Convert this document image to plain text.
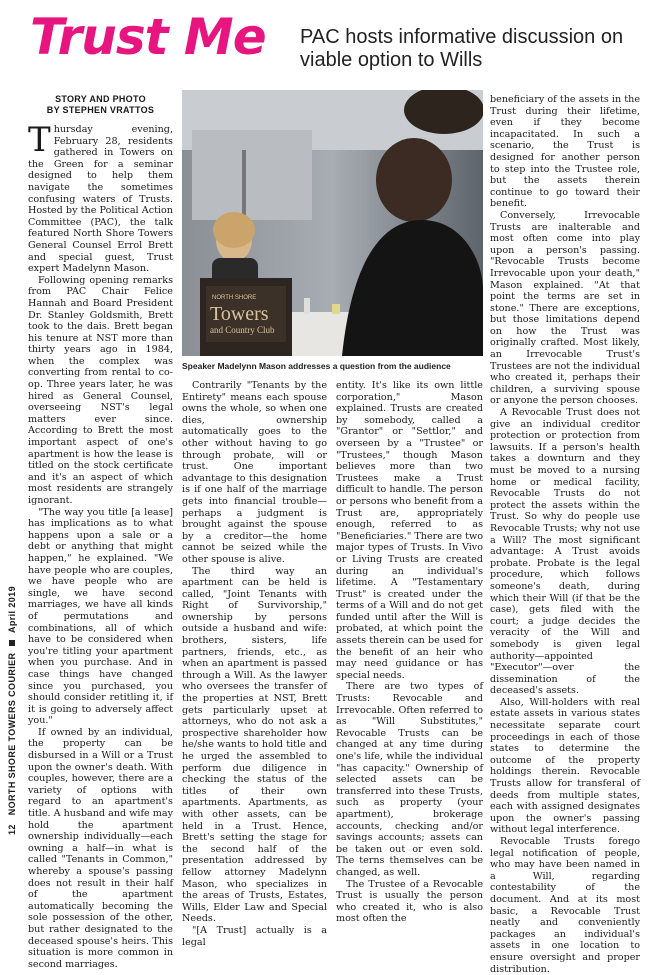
Trust Me PAC hosts informative discussion on viable option to Wills
STORY AND PHOTO
BY STEPHEN VRATTOS

Thursday evening, February 28, residents gathered in Towers on the Green for a seminar designed to help them navigate the sometimes confusing waters of Trusts. Hosted by the Political Action Committee (PAC), the talk featured North Shore Towers General Counsel Errol Brett and special guest, Trust expert Madelynn Mason.

Following opening remarks from PAC Chair Felice Hannah and Board President Dr. Stanley Goldsmith, Brett took to the dais. Brett began his tenure at NST more than thirty years ago in 1984, when the complex was converting from rental to co-op. Three years later, he was hired as General Counsel, overseeing NST's legal matters ever since. According to Brett the most important aspect of one's apartment is how the lease is titled on the stock certificate and it's an aspect of which most residents are strangely ignorant.

"The way you title [a lease] has implications as to what happens upon a sale or a debt or anything that might happen," he explained. "We have people who are couples, we have people who are single, we have second marriages, we have all kinds of permutations and combinations, all of which have to be considered when you're titling your apartment when you purchase. And in case things have changed since you purchased, you should consider retitling it, if it is going to adversely affect you."

If owned by an individual, the property can be disbursed in a Will or a Trust upon the owner's death. With couples, however, there are a variety of options with regard to an apartment's title. A husband and wife may hold the apartment ownership individually—each owning a half—in what is called "Tenants in Common," whereby a spouse's passing does not result in their half of the apartment automatically becoming the sole possession of the other, but rather designated to the deceased spouse's heirs. This situation is more common in second marriages.

NORTH SHORE
Towers
and Country Club
Speaker Madelynn Mason addresses a question from the audience

Contrarily "Tenants by the Entirety" means each spouse owns the whole, so when one dies, ownership automatically goes to the other without having to go through probate, will or trust. One important advantage to this designation is if one half of the marriage gets into financial trouble—perhaps a judgment is brought against the spouse by a creditor—the home cannot be seized while the other spouse is alive.

The third way an apartment can be held is called, "Joint Tenants with Right of Survivorship," ownership by persons outside a husband and wife: brothers, sisters, life partners, friends, etc., as when an apartment is passed through a Will. As the lawyer who oversees the transfer of the properties at NST, Brett gets particularly upset at attorneys, who do not ask a prospective shareholder how he/she wants to hold title and he urged the assembled to perform due diligence in checking the status of the titles of their own apartments. Apartments, as with other assets, can be held in a Trust. Hence, Brett's setting the stage for the second half of the presentation addressed by fellow attorney Madelynn Mason, who specializes in the areas of Trusts, Estates, Wills, Elder Law and Special Needs.

"[A Trust] actually is a legal

entity. It's like its own little corporation," Mason explained. Trusts are created by somebody, called a "Grantor" or "Settlor," and overseen by a "Trustee" or "Trustees," though Mason believes more than two Trustees make a Trust difficult to handle. The person or persons who benefit from a Trust are, appropriately enough, referred to as "Beneficiaries." There are two major types of Trusts. In Vivo or Living Trusts are created during an individual's lifetime. A "Testamentary Trust" is created under the terms of a Will and do not get funded until after the Will is probated, at which point the assets therein can be used for the benefit of an heir who may need guidance or has special needs.

There are two types of Trusts: Revocable and Irrevocable. Often referred to as "Will Substitutes," Revocable Trusts can be changed at any time during one's life, while the individual "has capacity." Ownership of selected assets can be transferred into these Trusts, such as property (your apartment), brokerage accounts, checking and/or savings accounts; assets can be taken out or even sold. The terns themselves can be changed, as well.

The Trustee of a Revocable Trust is usually the person who created it, who is also most often the

beneficiary of the assets in the Trust during their lifetime, even if they become incapacitated. In such a scenario, the Trust is designed for another person to step into the Trustee role, but the assets therein continue to go toward their benefit.

Conversely, Irrevocable Trusts are inalterable and most often come into play upon a person's passing. "Revocable Trusts become Irrevocable upon your death," Mason explained. "At that point the terms are set in stone." There are exceptions, but those limitations depend on how the Trust was originally crafted. Most likely, an Irrevocable Trust's Trustees are not the individual who created it, perhaps their children, a surviving spouse or anyone the person chooses.

A Revocable Trust does not give an individual creditor protection or protection from lawsuits. If a person's health takes a downturn and they must be moved to a nursing home or medical facility, Revocable Trusts do not protect the assets within the Trust. So why do people use Revocable Trusts; why not use a Will? The most significant advantage: A Trust avoids probate. Probate is the legal procedure, which follows someone's death, during which their Will (if that be the case), gets filed with the court; a judge decides the veracity of the Will and somebody is given legal authority—appointed "Executor"—over the dissemination of the deceased's assets.

Also, Will-holders with real estate assets in various states necessitate separate court proceedings in each of those states to determine the outcome of the property holdings therein. Revocable Trusts allow for transferal of deeds from multiple states, each with assigned designates upon the owner's passing without legal interference.

Revocable Trusts forego legal notification of people, who may have been named in a Will, regarding contestability of the document. And at its most basic, a Revocable Trust neatly and conveniently packages an individual's assets in one location to ensure oversight and proper distribution.

12 NORTH SHORE TOWERS COURIER  April 2019
